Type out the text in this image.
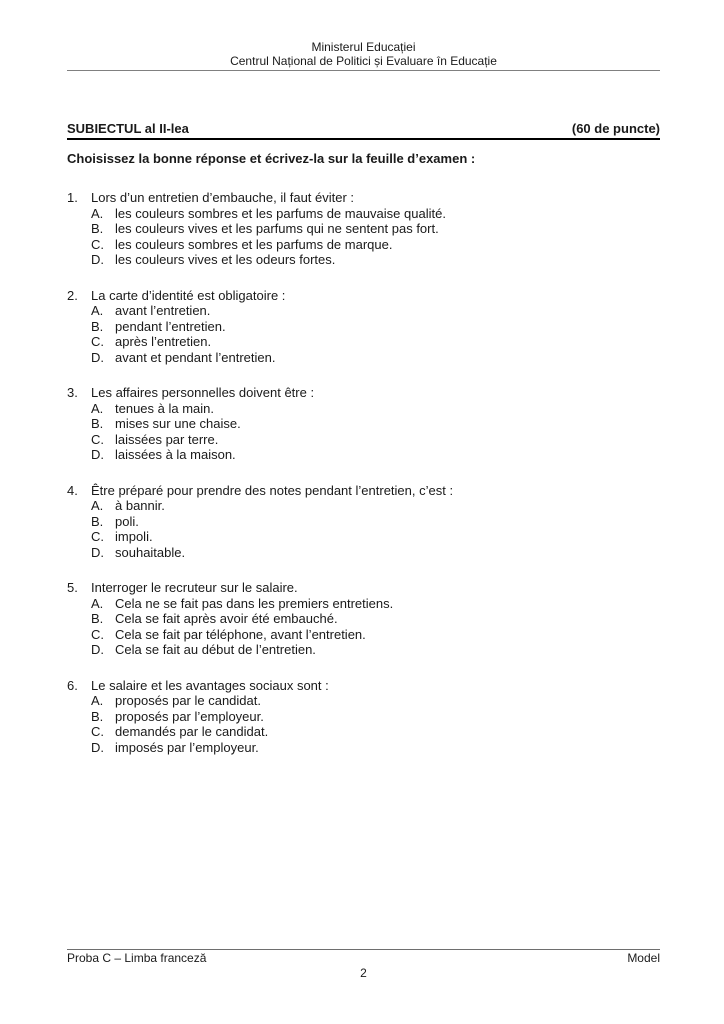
Ministerul Educației
Centrul Național de Politici și Evaluare în Educație
SUBIECTUL al II-lea	(60 de puncte)
Choisissez la bonne réponse et écrivez-la sur la feuille d’examen :
1.	Lors d’un entretien d’embauche, il faut éviter :
A. les couleurs sombres et les parfums de mauvaise qualité.
B. les couleurs vives et les parfums qui ne sentent pas fort.
C. les couleurs sombres et les parfums de marque.
D. les couleurs vives et les odeurs fortes.
2.	La carte d’identité est obligatoire :
A. avant l’entretien.
B. pendant l’entretien.
C. après l’entretien.
D. avant et pendant l’entretien.
3.	Les affaires personnelles doivent être :
A. tenues à la main.
B. mises sur une chaise.
C. laissées par terre.
D. laissées à la maison.
4.	Être préparé pour prendre des notes pendant l’entretien, c’est :
A. à bannir.
B. poli.
C. impoli.
D. souhaitable.
5.	Interroger le recruteur sur le salaire.
A. Cela ne se fait pas dans les premiers entretiens.
B. Cela se fait après avoir été embauché.
C. Cela se fait par téléphone, avant l’entretien.
D. Cela se fait au début de l’entretien.
6.	Le salaire et les avantages sociaux sont :
A. proposés par le candidat.
B. proposés par l’employeur.
C. demandés par le candidat.
D. imposés par l’employeur.
Proba C – Limba franceză	Model
2
